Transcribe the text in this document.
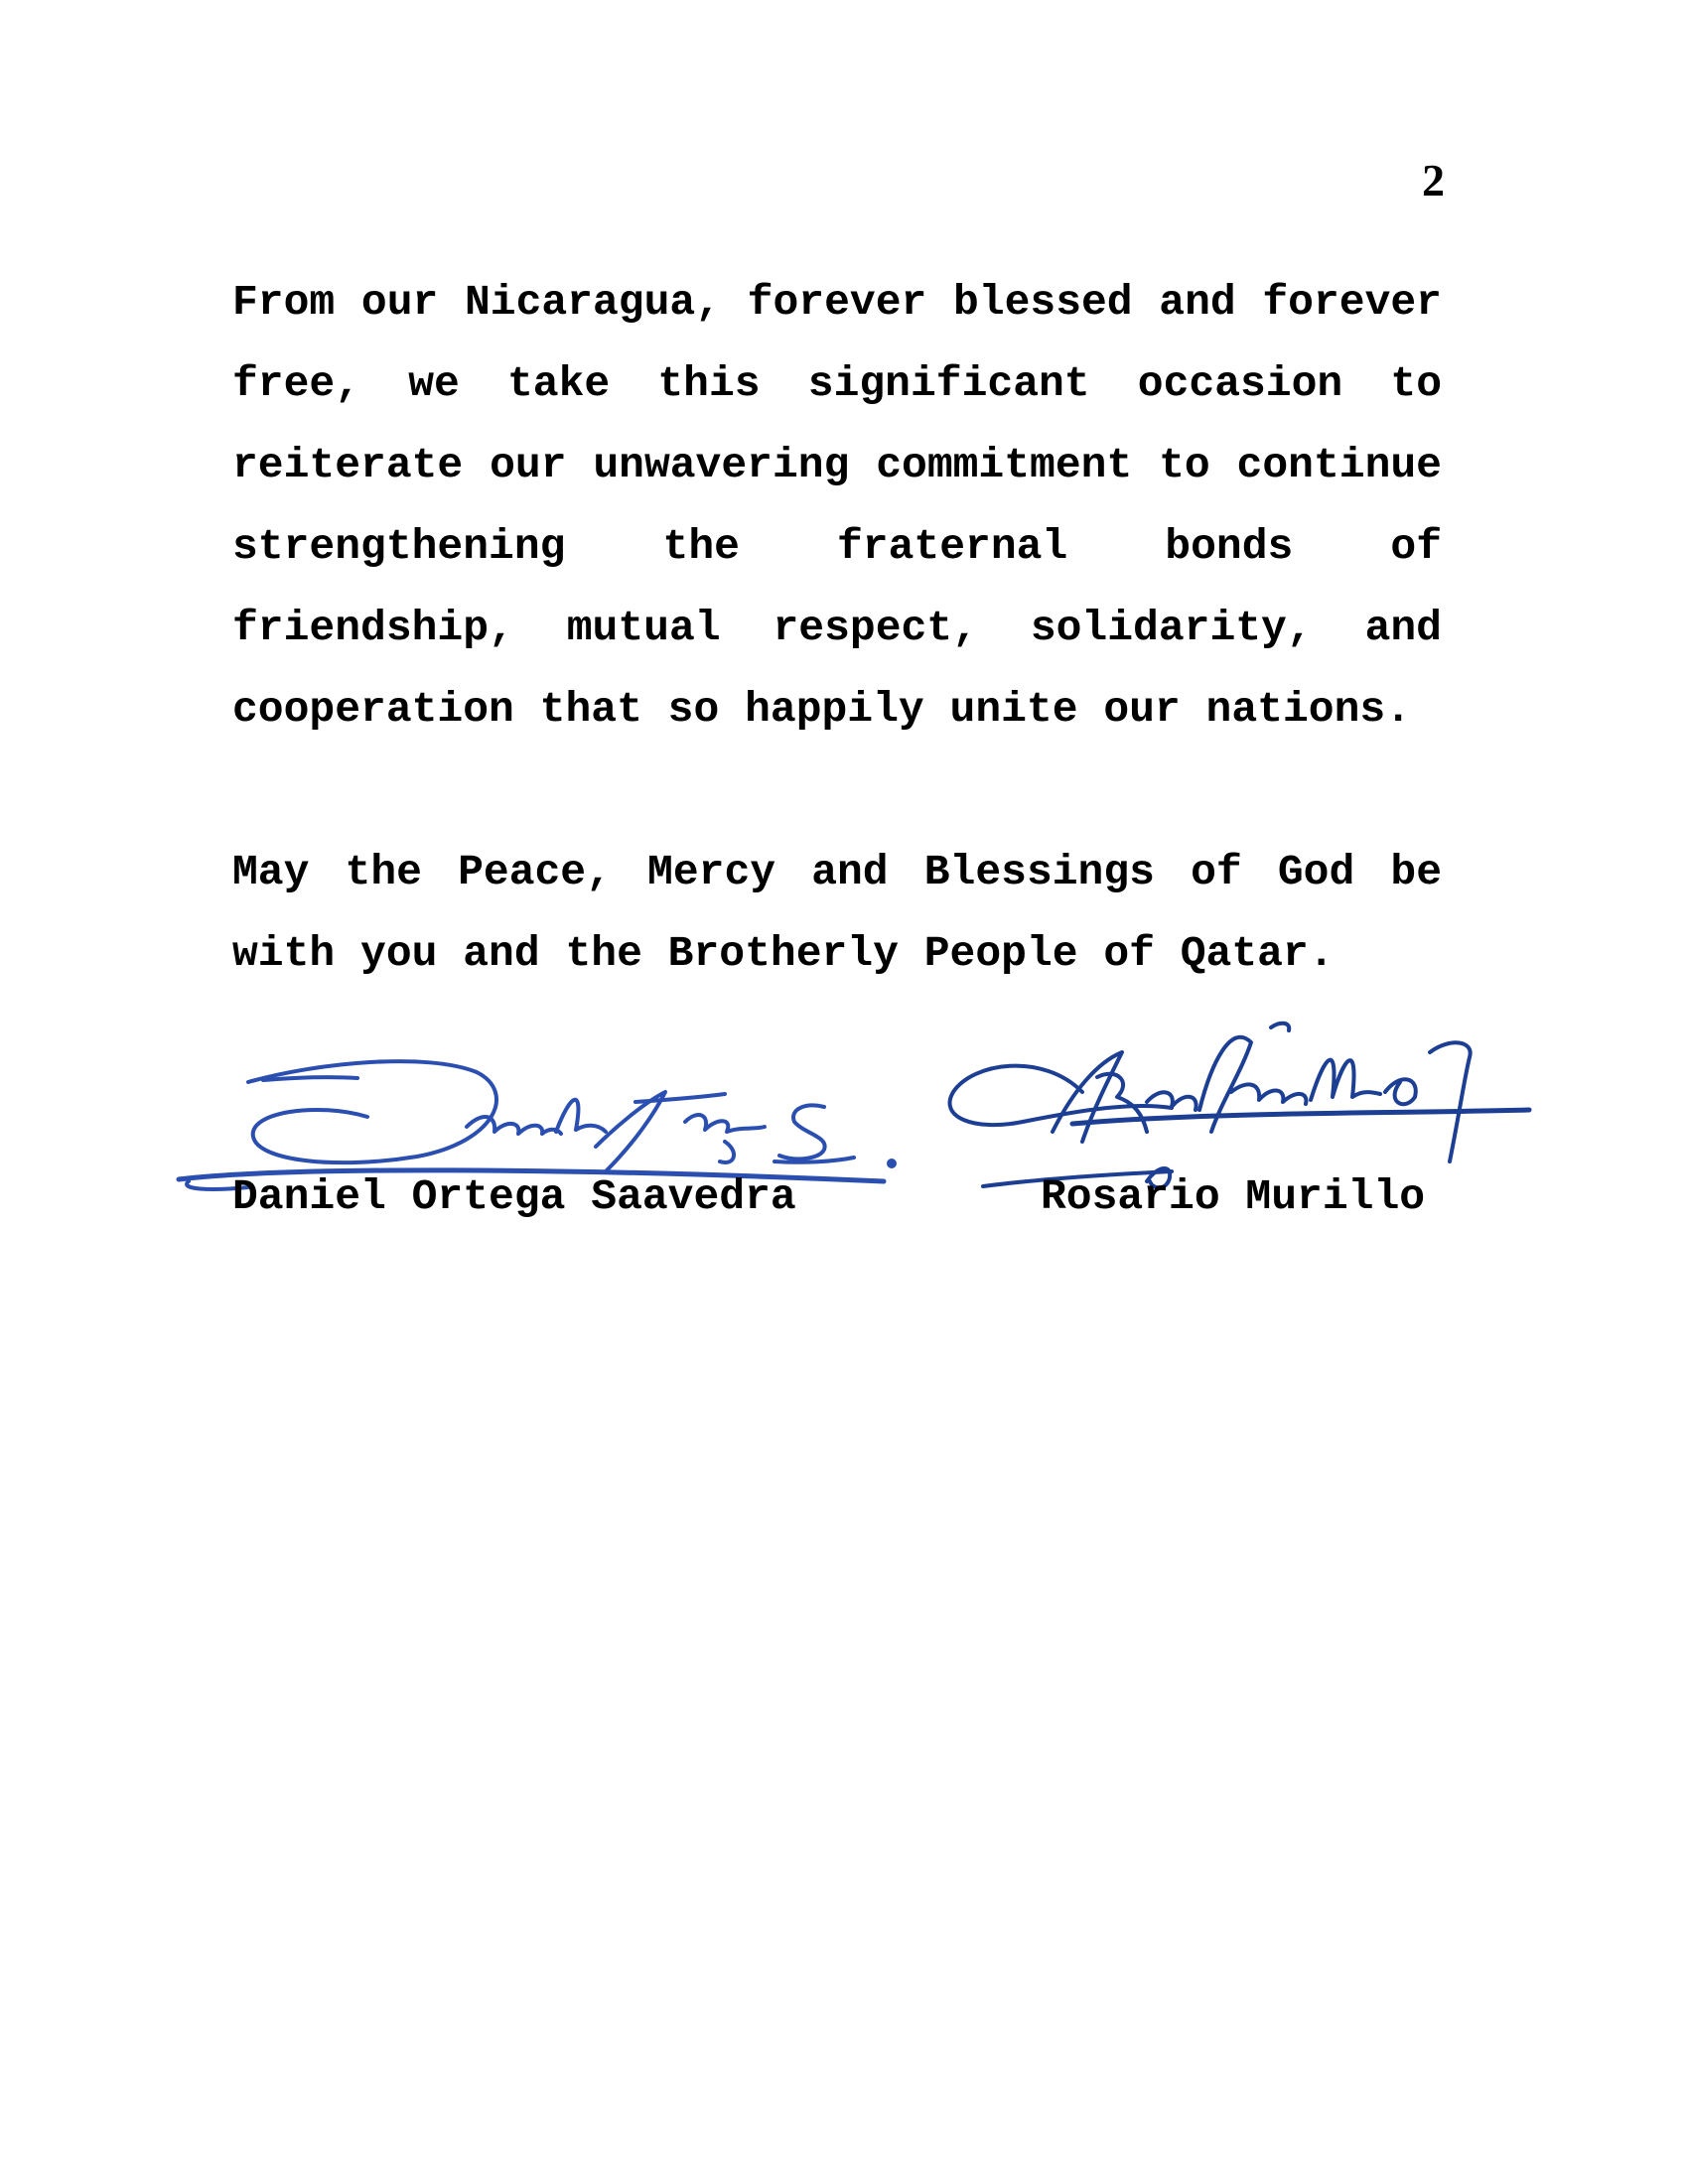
2
From our Nicaragua, forever blessed and forever free, we take this significant occasion to reiterate our unwavering commitment to continue strengthening the fraternal bonds of friendship, mutual respect, solidarity, and cooperation that so happily unite our nations.
May the Peace, Mercy and Blessings of God be with you and the Brotherly People of Qatar.
Daniel Ortega Saavedra	Rosario Murillo
